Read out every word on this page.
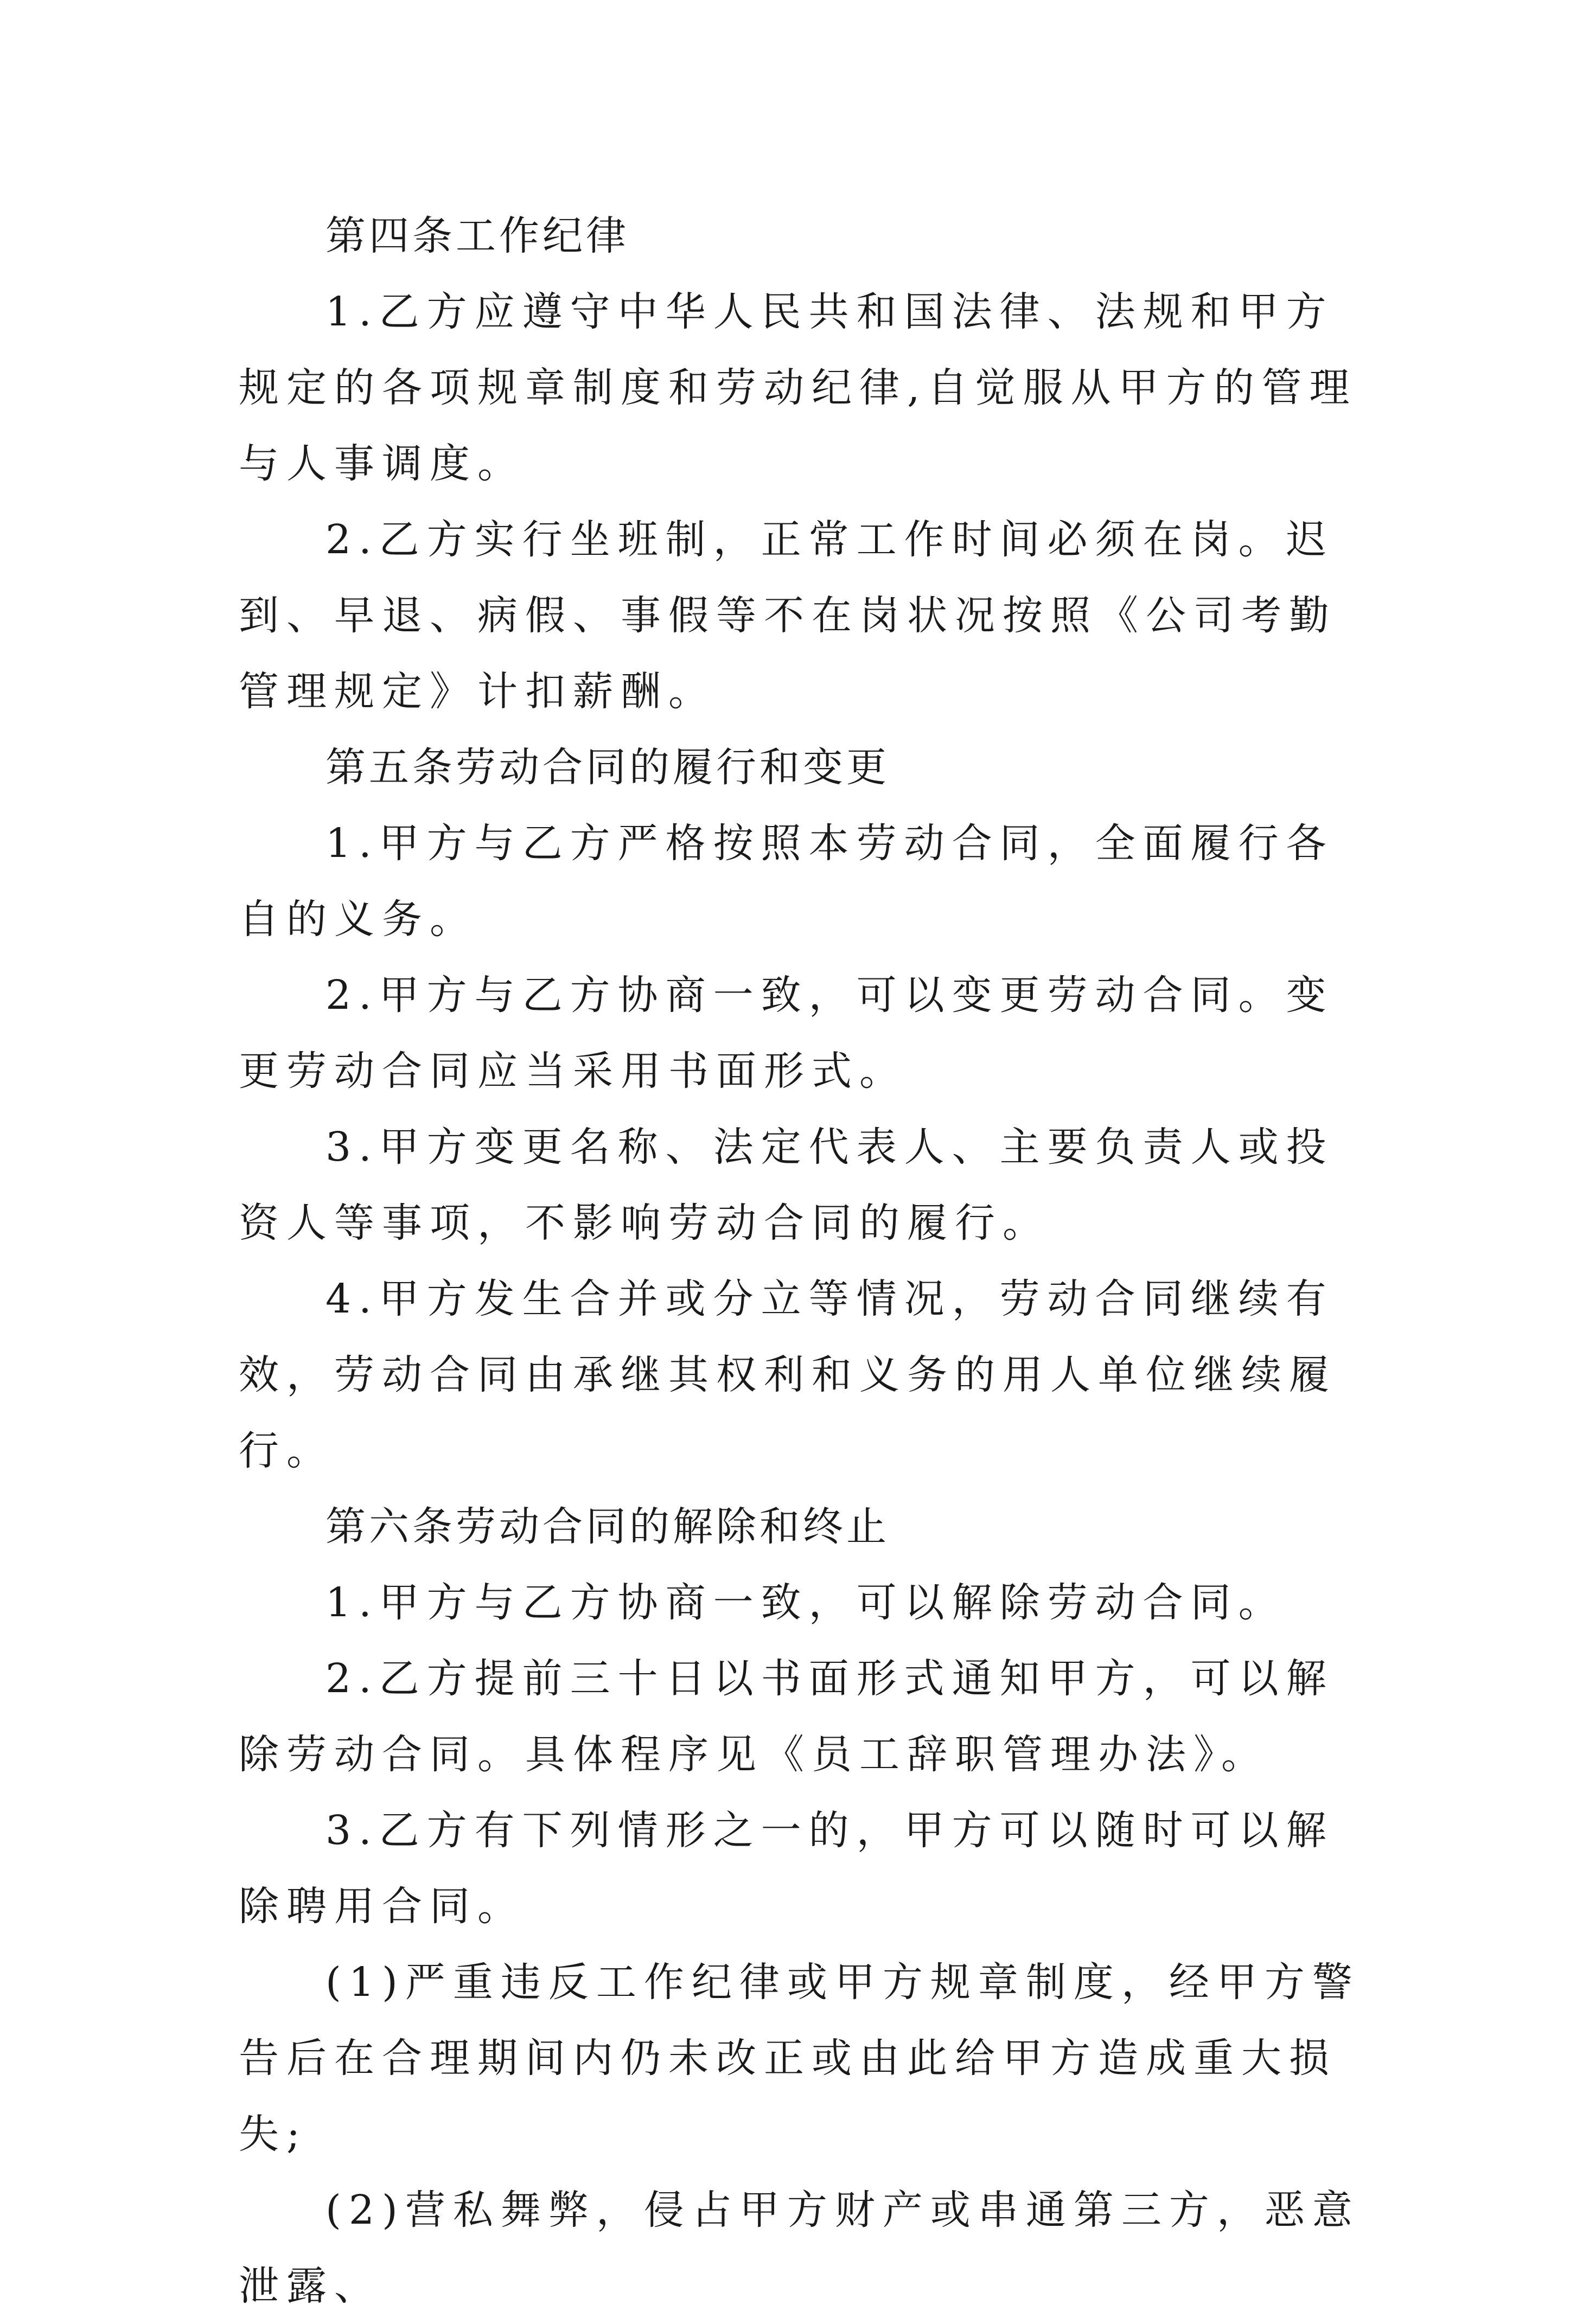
第四条工作纪律

1.乙方应遵守中华人民共和国法律、法规和甲方规定的各项规章制度和劳动纪律,自觉服从甲方的管理与人事调度。

2.乙方实行坐班制，正常工作时间必须在岗。迟到、早退、病假、事假等不在岗状况按照《公司考勤管理规定》计扣薪酬。

第五条劳动合同的履行和变更

1.甲方与乙方严格按照本劳动合同，全面履行各自的义务。

2.甲方与乙方协商一致，可以变更劳动合同。变更劳动合同应当采用书面形式。

3.甲方变更名称、法定代表人、主要负责人或投资人等事项，不影响劳动合同的履行。

4.甲方发生合并或分立等情况，劳动合同继续有效，劳动合同由承继其权利和义务的用人单位继续履行。

第六条劳动合同的解除和终止

1.甲方与乙方协商一致，可以解除劳动合同。

2.乙方提前三十日以书面形式通知甲方，可以解除劳动合同。具体程序见《员工辞职管理办法》。

3.乙方有下列情形之一的，甲方可以随时可以解除聘用合同。

(1)严重违反工作纪律或甲方规章制度，经甲方警告后在合理期间内仍未改正或由此给甲方造成重大损失;

(2)营私舞弊，侵占甲方财产或串通第三方，恶意泄露、
